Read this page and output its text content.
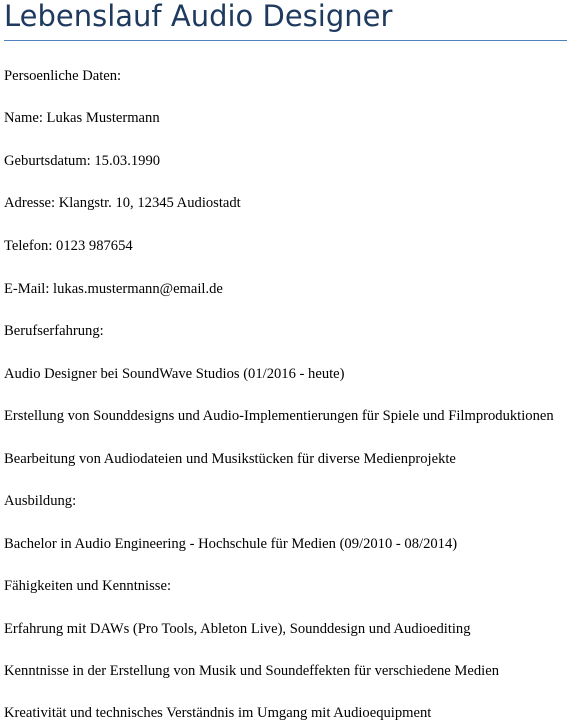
Lebenslauf Audio Designer

Persoenliche Daten:

Name: Lukas Mustermann

Geburtsdatum: 15.03.1990

Adresse: Klangstr. 10, 12345 Audiostadt

Telefon: 0123 987654

E-Mail: lukas.mustermann@email.de

Berufserfahrung:

Audio Designer bei SoundWave Studios (01/2016 - heute)

Erstellung von Sounddesigns und Audio-Implementierungen für Spiele und Filmproduktionen

Bearbeitung von Audiodateien und Musikstücken für diverse Medienprojekte

Ausbildung:

Bachelor in Audio Engineering - Hochschule für Medien (09/2010 - 08/2014)

Fähigkeiten und Kenntnisse:

Erfahrung mit DAWs (Pro Tools, Ableton Live), Sounddesign und Audioediting

Kenntnisse in der Erstellung von Musik und Soundeffekten für verschiedene Medien

Kreativität und technisches Verständnis im Umgang mit Audioequipment
